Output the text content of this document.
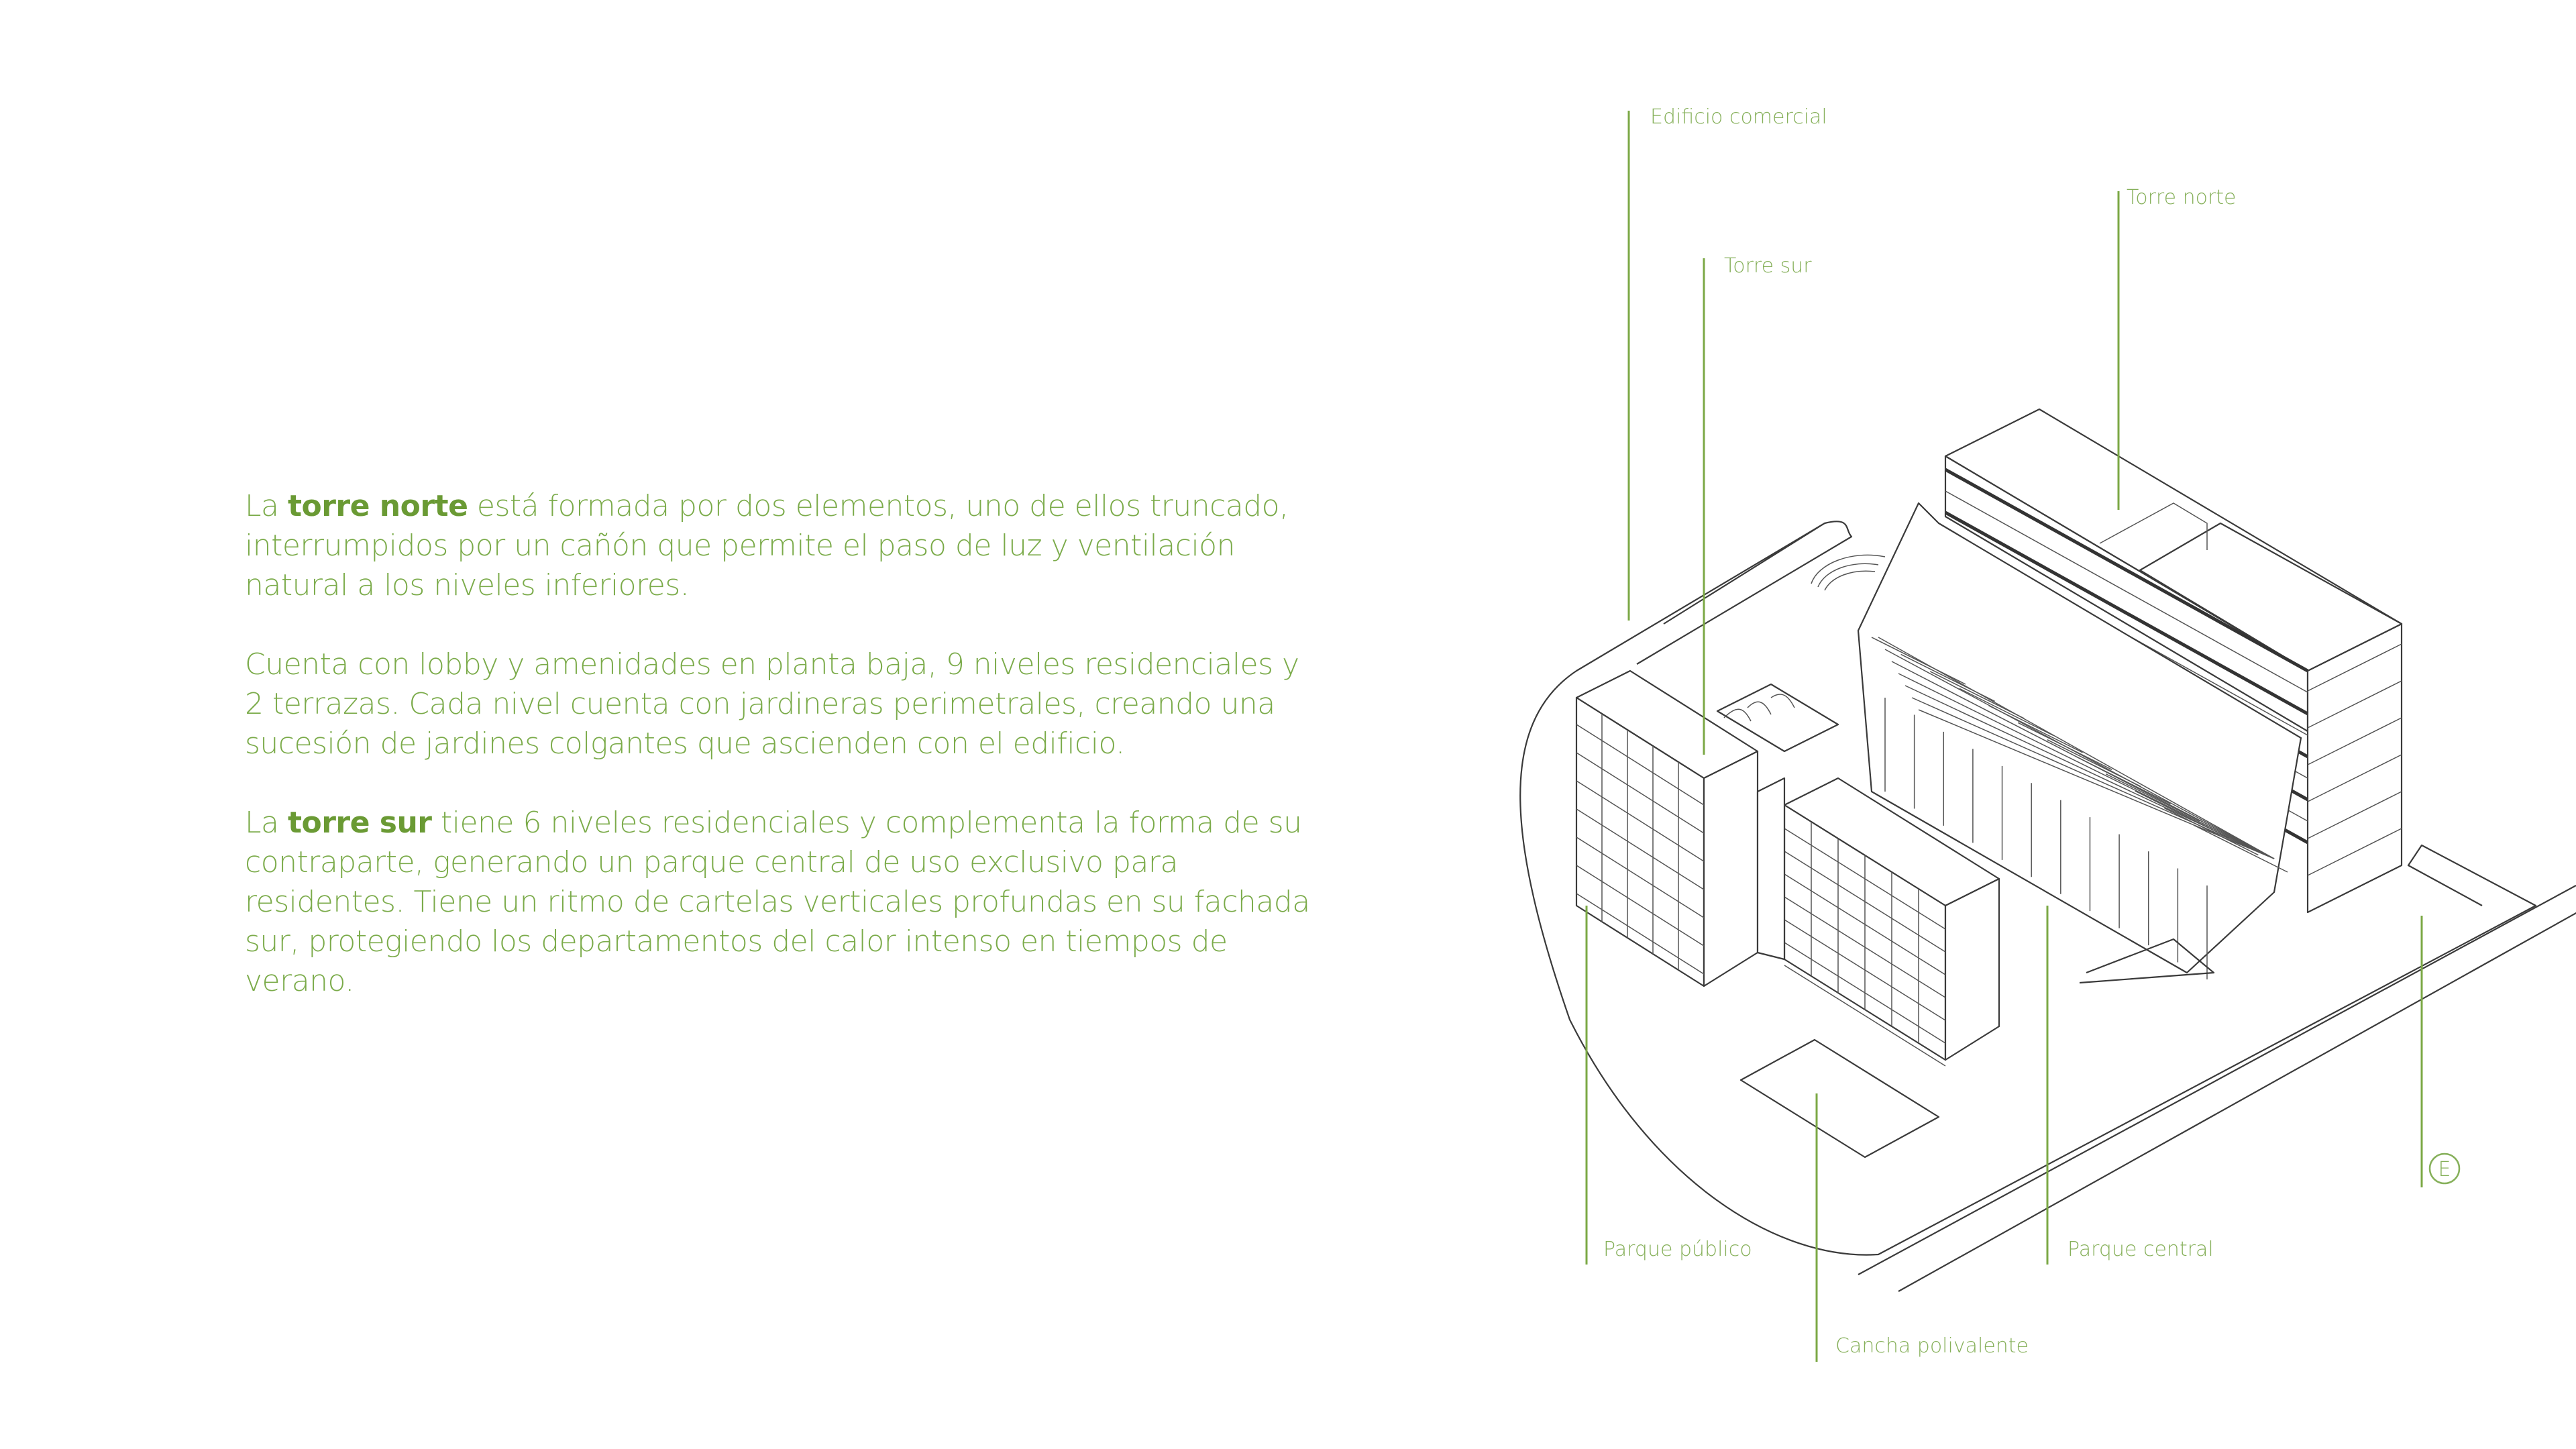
La torre norte está formada por dos elementos, uno de ellos truncado, interrumpidos por un cañón que permite el paso de luz y ventilación natural a los niveles inferiores.

Cuenta con lobby y amenidades en planta baja, 9 niveles residenciales y 2 terrazas. Cada nivel cuenta con jardineras perimetrales, creando una sucesión de jardines colgantes que ascienden con el edificio.

La torre sur tiene 6 niveles residenciales y complementa la forma de su contraparte, generando un parque central de uso exclusivo para residentes. Tiene un ritmo de cartelas verticales profundas en su fachada sur, protegiendo los departamentos del calor intenso en tiempos de verano.

Edificio comercial
Torre norte
Torre sur
Parque público	Parque central
Cancha polivalente
E
